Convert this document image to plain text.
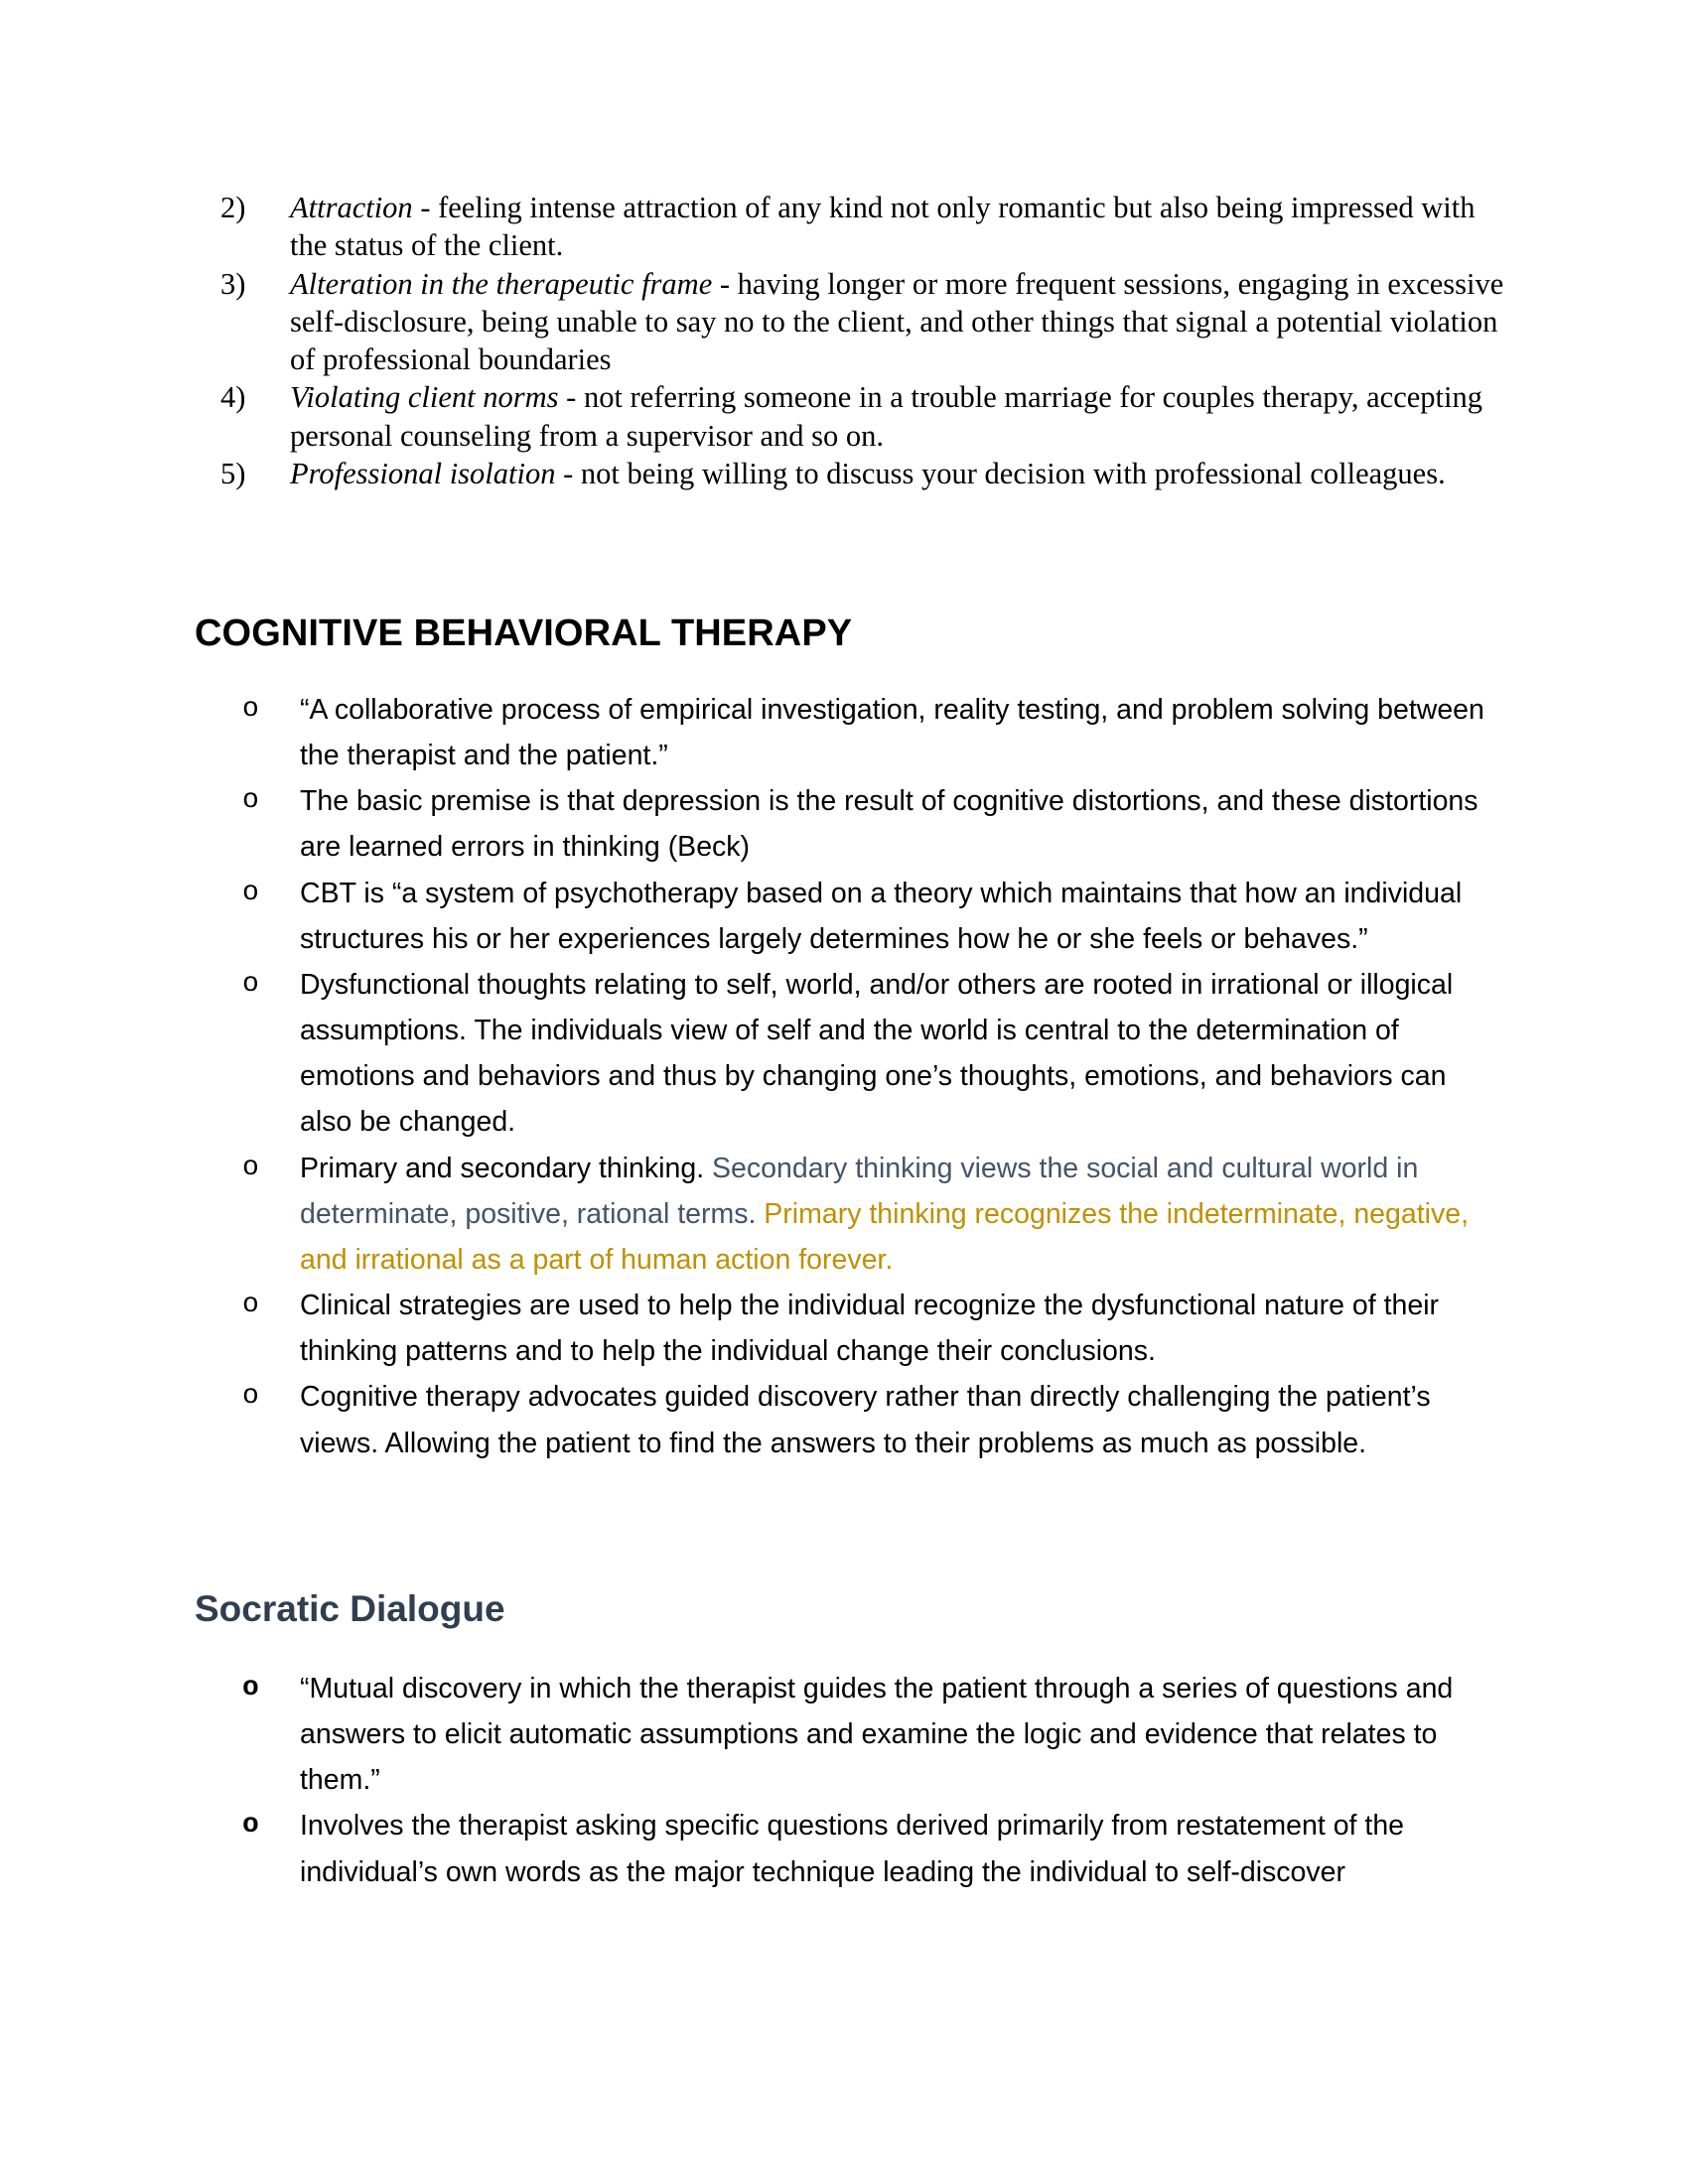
2)	Attraction - feeling intense attraction of any kind not only romantic but also being impressed with the status of the client.
3)	Alteration in the therapeutic frame - having longer or more frequent sessions, engaging in excessive self-disclosure, being unable to say no to the client, and other things that signal a potential violation of professional boundaries
4)	Violating client norms - not referring someone in a trouble marriage for couples therapy, accepting personal counseling from a supervisor and so on.
5)	Professional isolation - not being willing to discuss your decision with professional colleagues.
COGNITIVE BEHAVIORAL THERAPY
o	“A collaborative process of empirical investigation, reality testing, and problem solving between the therapist and the patient.”
o	The basic premise is that depression is the result of cognitive distortions, and these distortions are learned errors in thinking (Beck)
o	CBT is “a system of psychotherapy based on a theory which maintains that how an individual structures his or her experiences largely determines how he or she feels or behaves.”
o	Dysfunctional thoughts relating to self, world, and/or others are rooted in irrational or illogical assumptions. The individuals view of self and the world is central to the determination of emotions and behaviors and thus by changing one’s thoughts, emotions, and behaviors can also be changed.
o	Primary and secondary thinking. Secondary thinking views the social and cultural world in determinate, positive, rational terms. Primary thinking recognizes the indeterminate, negative, and irrational as a part of human action forever.
o	Clinical strategies are used to help the individual recognize the dysfunctional nature of their thinking patterns and to help the individual change their conclusions.
o	Cognitive therapy advocates guided discovery rather than directly challenging the patient’s views. Allowing the patient to find the answers to their problems as much as possible.
Socratic Dialogue
o	“Mutual discovery in which the therapist guides the patient through a series of questions and answers to elicit automatic assumptions and examine the logic and evidence that relates to them.”
o	Involves the therapist asking specific questions derived primarily from restatement of the individual’s own words as the major technique leading the individual to self-discover
